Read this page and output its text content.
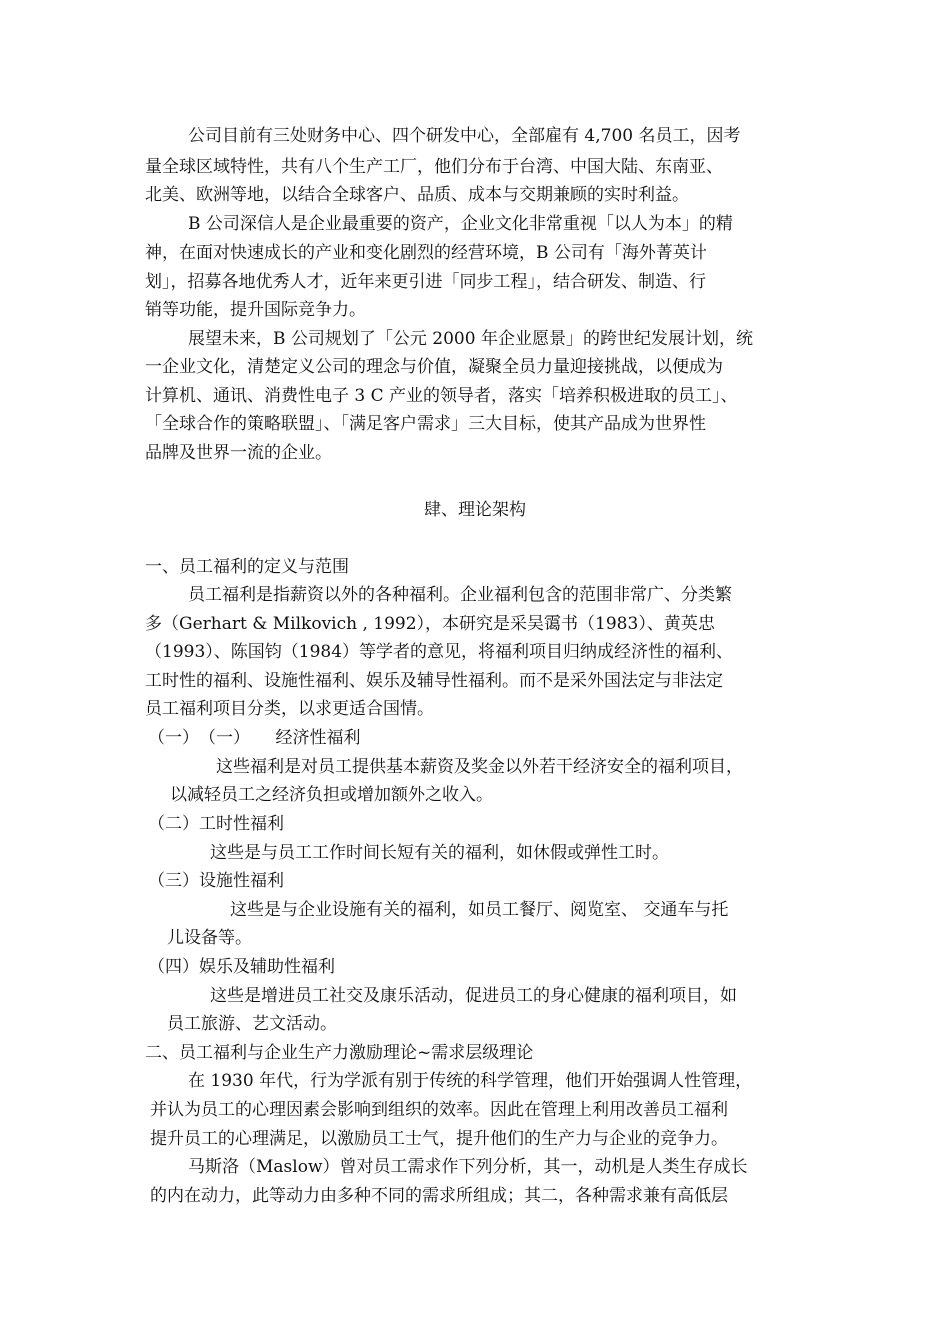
公司目前有三处财务中心、四个研发中心，全部雇有 4,700 名员工，因考
量全球区域特性，共有八个生产工厂，他们分布于台湾、中国大陆、东南亚、
北美、欧洲等地，以结合全球客户、品质、成本与交期兼顾的实时利益。
B 公司深信人是企业最重要的资产，企业文化非常重视「以人为本」的精
神，在面对快速成长的产业和变化剧烈的经营环境，B 公司有「海外菁英计
划」，招募各地优秀人才，近年来更引进「同步工程」，结合研发、制造、行
销等功能，提升国际竞争力。
展望未来，B 公司规划了「公元 2000 年企业愿景」的跨世纪发展计划，统
一企业文化，清楚定义公司的理念与价值，凝聚全员力量迎接挑战，以便成为
计算机、通讯、消费性电子 3 C 产业的领导者，落实「培养积极进取的员工」、
「全球合作的策略联盟」、「满足客户需求」三大目标，使其产品成为世界性
品牌及世界一流的企业。
肆、理论架构
一、员工福利的定义与范围
员工福利是指薪资以外的各种福利。企业福利包含的范围非常广、分类繁
多（Gerhart & Milkovich , 1992），本研究是采吴霭书（1983）、黄英忠
（1993）、陈国钧（1984）等学者的意见，将福利项目归纳成经济性的福利、
工时性的福利、设施性福利、娱乐及辅导性福利。而不是采外国法定与非法定
员工福利项目分类，以求更适合国情。
（一）　（一）　　经济性福利
这些福利是对员工提供基本薪资及奖金以外若干经济安全的福利项目，
以减轻员工之经济负担或增加额外之收入。
（二）工时性福利
这些是与员工工作时间长短有关的福利，如休假或弹性工时。
（三）设施性福利
这些是与企业设施有关的福利，如员工餐厅、阅览室、 交通车与托
儿设备等。
（四）娱乐及辅助性福利
这些是增进员工社交及康乐活动，促进员工的身心健康的福利项目，如
员工旅游、艺文活动。
二、员工福利与企业生产力激励理论~需求层级理论
在 1930 年代，行为学派有别于传统的科学管理，他们开始强调人性管理，
并认为员工的心理因素会影响到组织的效率。因此在管理上利用改善员工福利
提升员工的心理满足，以激励员工士气，提升他们的生产力与企业的竞争力。
马斯洛（Maslow）曾对员工需求作下列分析，其一，动机是人类生存成长
的内在动力，此等动力由多种不同的需求所组成；其二，各种需求兼有高低层
